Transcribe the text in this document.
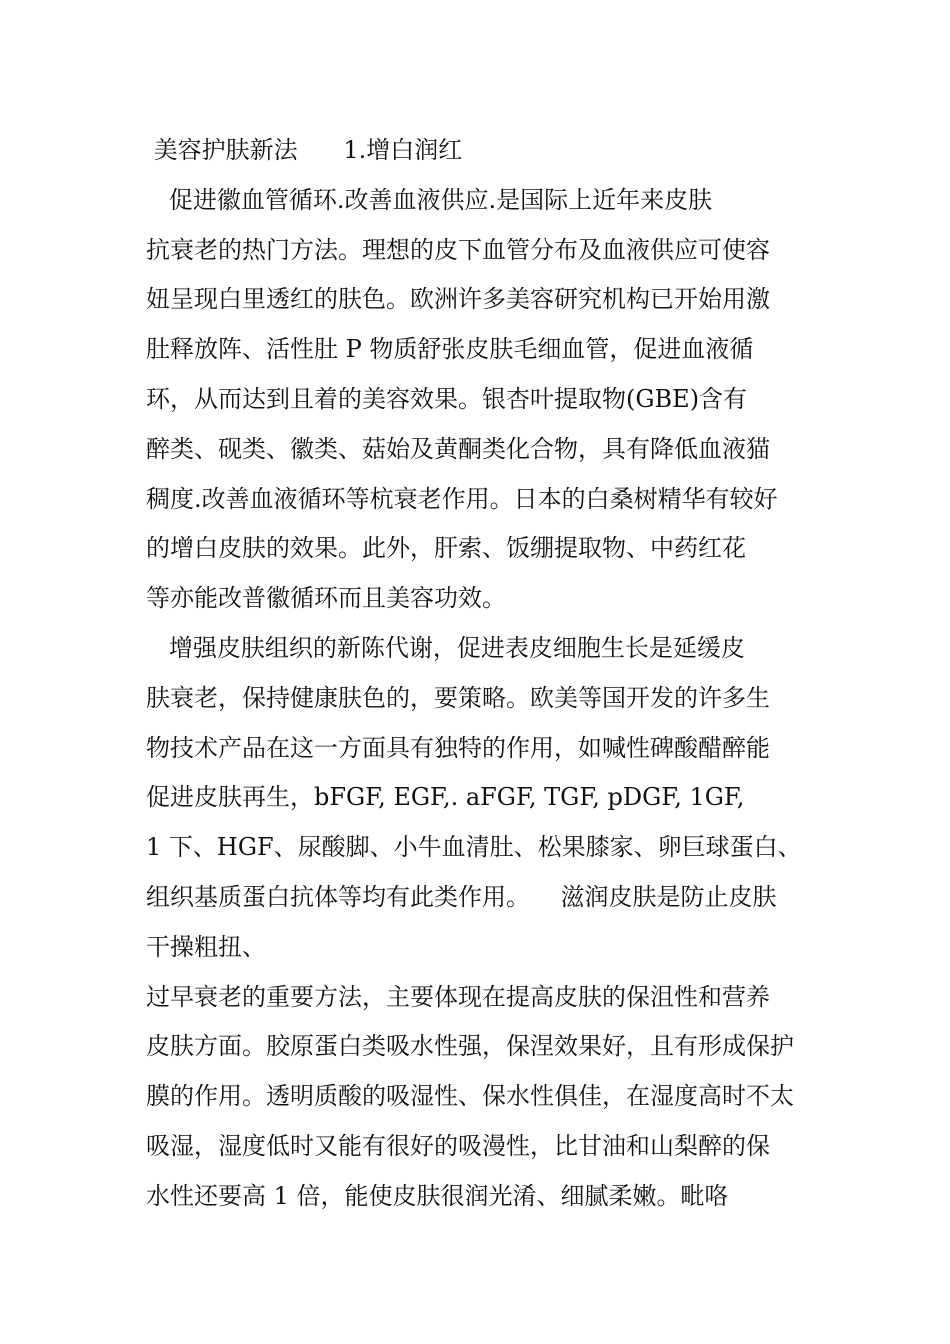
美容护肤新法      1.增白润红
促进徽血管循环.改善血液供应.是国际上近年来皮肤
抗衰老的热门方法。理想的皮下血管分布及血液供应可使容
妞呈现白里透红的肤色。欧洲许多美容研究机构已开始用激
肚释放阵、活性肚 P 物质舒张皮肤毛细血管，促进血液循
环，从而达到且着的美容效果。银杏叶提取物(GBE)含有
醉类、砚类、徽类、菇始及黄酮类化合物，具有降低血液猫
稠度.改善血液循环等杭衰老作用。日本的白桑树精华有较好
的增白皮肤的效果。此外，肝索、饭绷提取物、中药红花
等亦能改普徽循环而且美容功效。
增强皮肤组织的新陈代谢，促进表皮细胞生长是延缓皮
肤衰老，保持健康肤色的，要策略。欧美等国开发的许多生
物技术产品在这一方面具有独特的作用，如喊性碑酸醋醉能
促进皮肤再生，bFGF, EGF,. aFGF, TGF, pDGF, 1GF,
1 下、HGF、尿酸脚、小牛血清肚、松果膝家、卵巨球蛋白、
组织基质蛋白抗体等均有此类作用。    滋润皮肤是防止皮肤
干操粗扭、
过早衰老的重要方法，主要体现在提高皮肤的保沮性和营养
皮肤方面。胶原蛋白类吸水性强，保涅效果好，且有形成保护
膜的作用。透明质酸的吸湿性、保水性俱佳，在湿度高时不太
吸湿，湿度低时又能有很好的吸漫性，比甘油和山梨醉的保
水性还要高 1 倍，能使皮肤很润光淆、细腻柔嫩。毗咯
